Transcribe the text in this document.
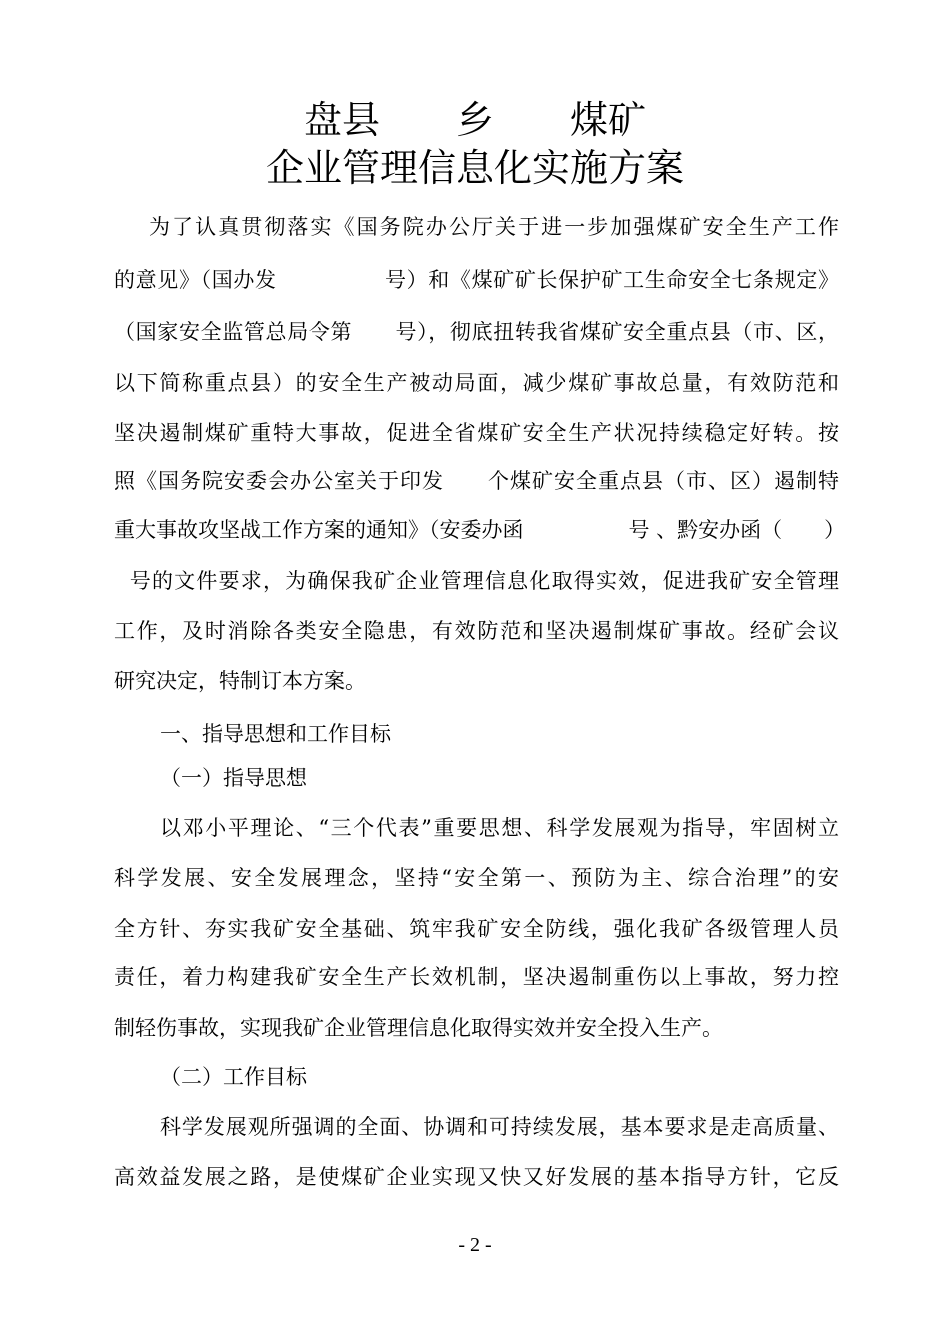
盘县　　乡　　煤矿
企业管理信息化实施方案

为了认真贯彻落实《国务院办公厅关于进一步加强煤矿安全生产工作

的意见》（国办发　　　　　号）和《煤矿矿长保护矿工生命安全七条规定》

（国家安全监管总局令第　　号），彻底扭转我省煤矿安全重点县（市、区，

以下简称重点县）的安全生产被动局面，减少煤矿事故总量，有效防范和

坚决遏制煤矿重特大事故，促进全省煤矿安全生产状况持续稳定好转。按

照《国务院安委会办公室关于印发　　个煤矿安全重点县（市、区）遏制特

重大事故攻坚战工作方案的通知》（安委办函　　　　　号 、黔安办函（　　）

号的文件要求，为确保我矿企业管理信息化取得实效，促进我矿安全管理

工作，及时消除各类安全隐患，有效防范和坚决遏制煤矿事故。经矿会议

研究决定，特制订本方案。

一、指导思想和工作目标
（一）指导思想

以邓小平理论、“三个代表”重要思想、科学发展观为指导，牢固树立

科学发展、安全发展理念，坚持“安全第一、预防为主、综合治理”的安

全方针、夯实我矿安全基础、筑牢我矿安全防线，强化我矿各级管理人员

责任，着力构建我矿安全生产长效机制，坚决遏制重伤以上事故，努力控

制轻伤事故，实现我矿企业管理信息化取得实效并安全投入生产。

（二）工作目标

科学发展观所强调的全面、协调和可持续发展，基本要求是走高质量、

高效益发展之路，是使煤矿企业实现又快又好发展的基本指导方针，它反

- 2 -
